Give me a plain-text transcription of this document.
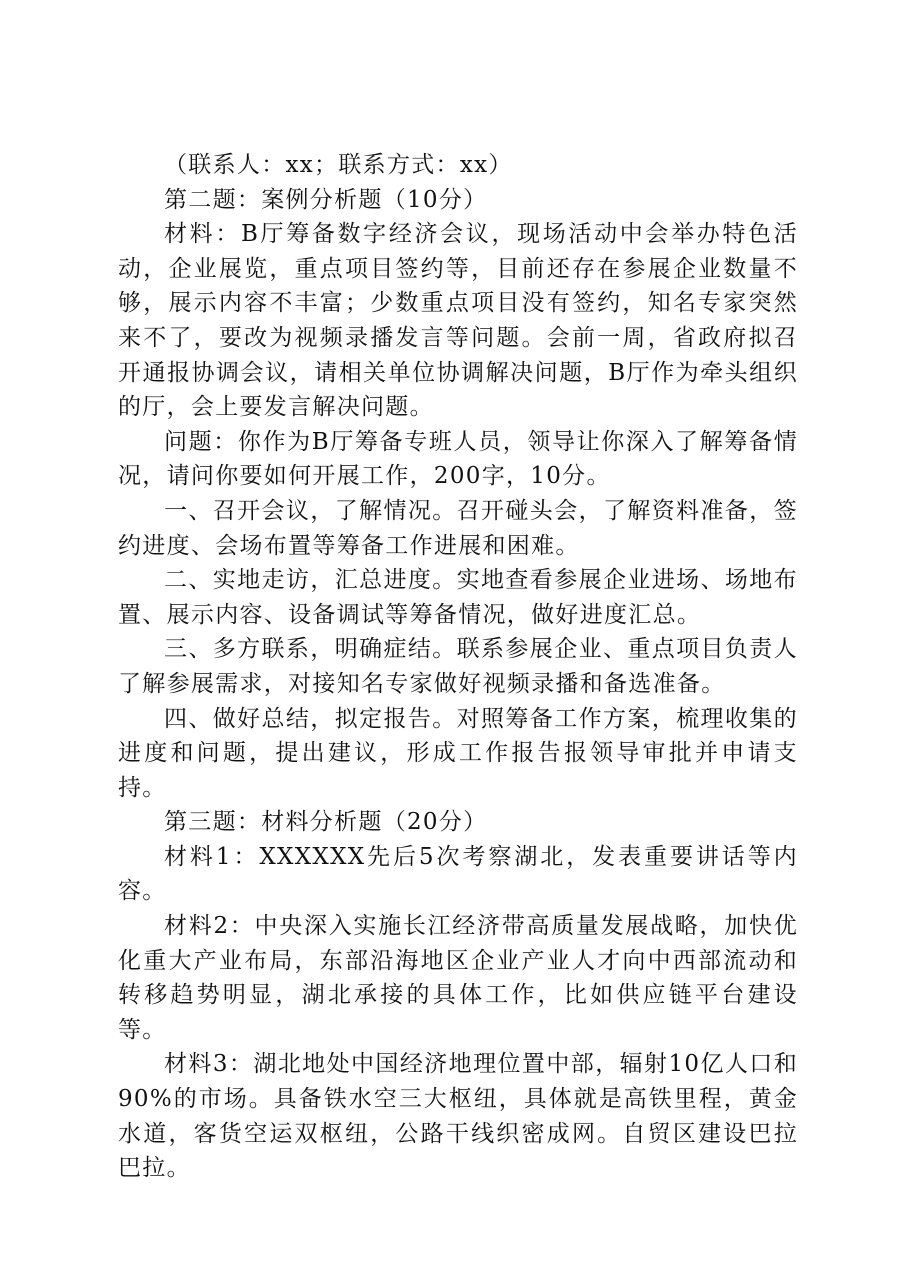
（联系人：xx；联系方式：xx）

第二题：案例分析题（10分）

材料：B厅筹备数字经济会议，现场活动中会举办特色活动，企业展览，重点项目签约等，目前还存在参展企业数量不够，展示内容不丰富；少数重点项目没有签约，知名专家突然来不了，要改为视频录播发言等问题。会前一周，省政府拟召开通报协调会议，请相关单位协调解决问题，B厅作为牵头组织的厅，会上要发言解决问题。

问题：你作为B厅筹备专班人员，领导让你深入了解筹备情况，请问你要如何开展工作，200字，10分。

一、召开会议，了解情况。召开碰头会，了解资料准备，签约进度、会场布置等筹备工作进展和困难。

二、实地走访，汇总进度。实地查看参展企业进场、场地布置、展示内容、设备调试等筹备情况，做好进度汇总。

三、多方联系，明确症结。联系参展企业、重点项目负责人了解参展需求，对接知名专家做好视频录播和备选准备。

四、做好总结，拟定报告。对照筹备工作方案，梳理收集的进度和问题，提出建议，形成工作报告报领导审批并申请支持。

第三题：材料分析题（20分）

材料1：XXXXXX先后5次考察湖北，发表重要讲话等内容。

材料2：中央深入实施长江经济带高质量发展战略，加快优化重大产业布局，东部沿海地区企业产业人才向中西部流动和转移趋势明显，湖北承接的具体工作，比如供应链平台建设等。

材料3：湖北地处中国经济地理位置中部，辐射10亿人口和90%的市场。具备铁水空三大枢纽，具体就是高铁里程，黄金水道，客货空运双枢纽，公路干线织密成网。自贸区建设巴拉巴拉。
